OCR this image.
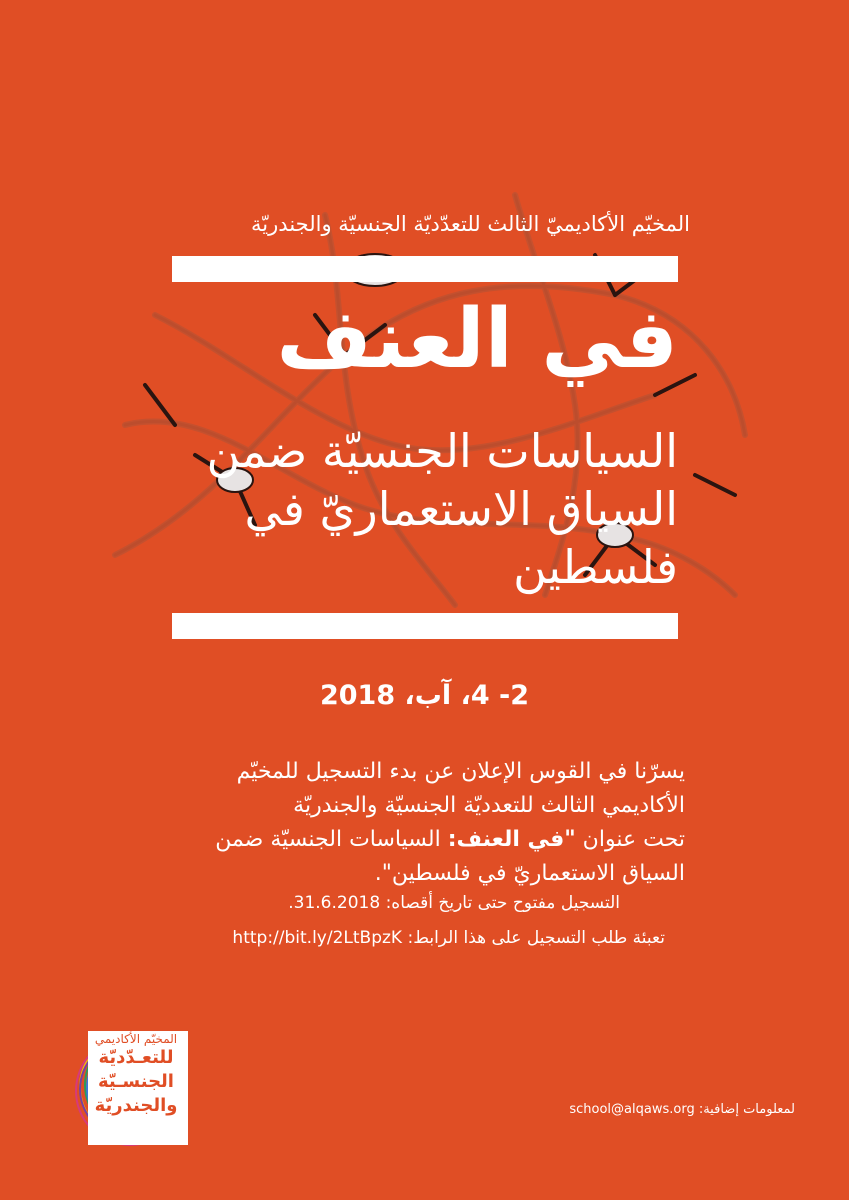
المخيّم الأكاديميّ الثالث للتعدّديّة الجنسيّة والجندريّة
في العنف
السياسات الجنسيّة ضمن
السياق الاستعماريّ في
فلسطين
2- 4، آب، 2018
يسرّنا في القوس الإعلان عن بدء التسجيل للمخيّم
الأكاديمي الثالث للتعدديّة الجنسيّة والجندريّة
تحت عنوان "في العنف: السياسات الجنسيّة ضمن
السياق الاستعماريّ في فلسطين".
التسجيل مفتوح حتى تاريخ أقصاه: 31.6.2018.
تعبئة طلب التسجيل على هذا الرابط: http://bit.ly/2LtBpzK
المخيّم الأكاديمي
للتعـدّديّة
الجنسـيّة
والجندريّة	لمعلومات إضافية: school@alqaws.org
